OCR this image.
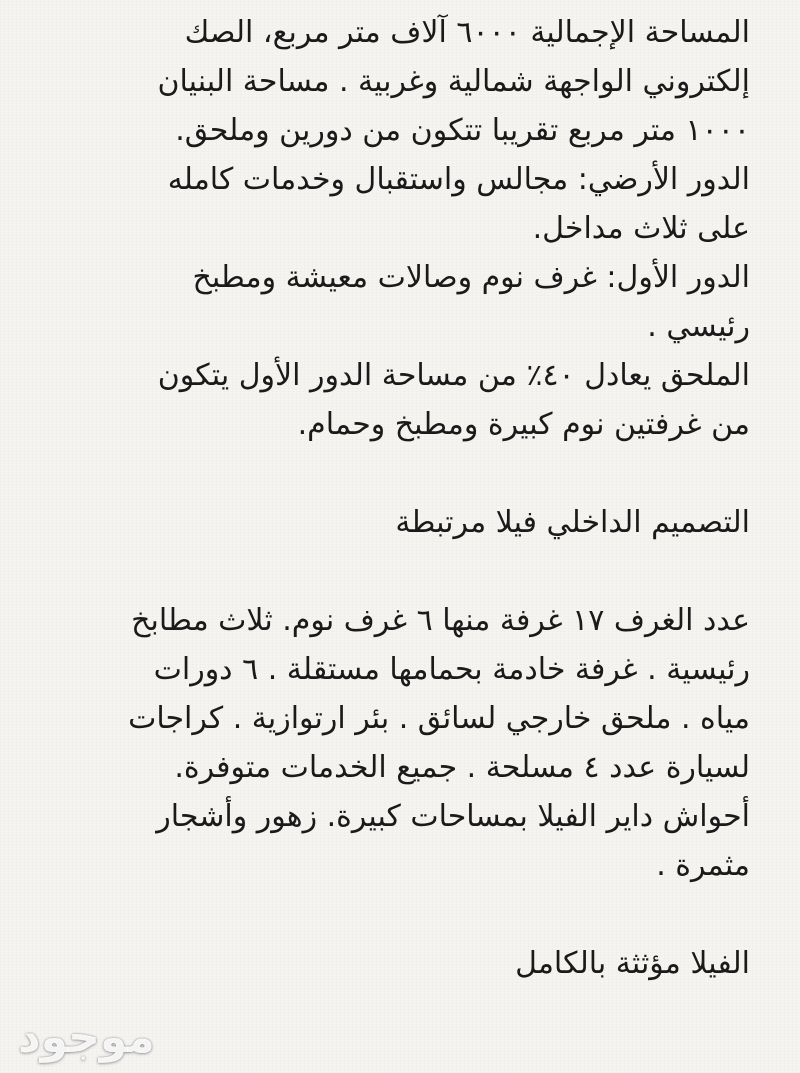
المساحة الإجمالية ٦٠٠٠ آلاف متر مربع، الصك
إلكتروني الواجهة شمالية وغربية . مساحة البنيان
١٠٠٠ متر مربع تقريبا تتكون من دورين وملحق.
الدور الأرضي: مجالس واستقبال وخدمات كامله
على ثلاث مداخل.
الدور الأول: غرف نوم وصالات معيشة ومطبخ
رئيسي .
الملحق يعادل ٤٠٪ من مساحة الدور الأول يتكون
من غرفتين نوم كبيرة ومطبخ وحمام.
التصميم الداخلي فيلا مرتبطة
عدد الغرف ١٧ غرفة منها ٦ غرف نوم. ثلاث مطابخ
رئيسية . غرفة خادمة بحمامها مستقلة . ٦ دورات
مياه . ملحق خارجي لسائق . بئر ارتوازية . كراجات
لسيارة عدد ٤ مسلحة . جميع الخدمات متوفرة.
أحواش داير الفيلا بمساحات كبيرة. زهور وأشجار
مثمرة .
الفيلا مؤثثة بالكامل
موجود
